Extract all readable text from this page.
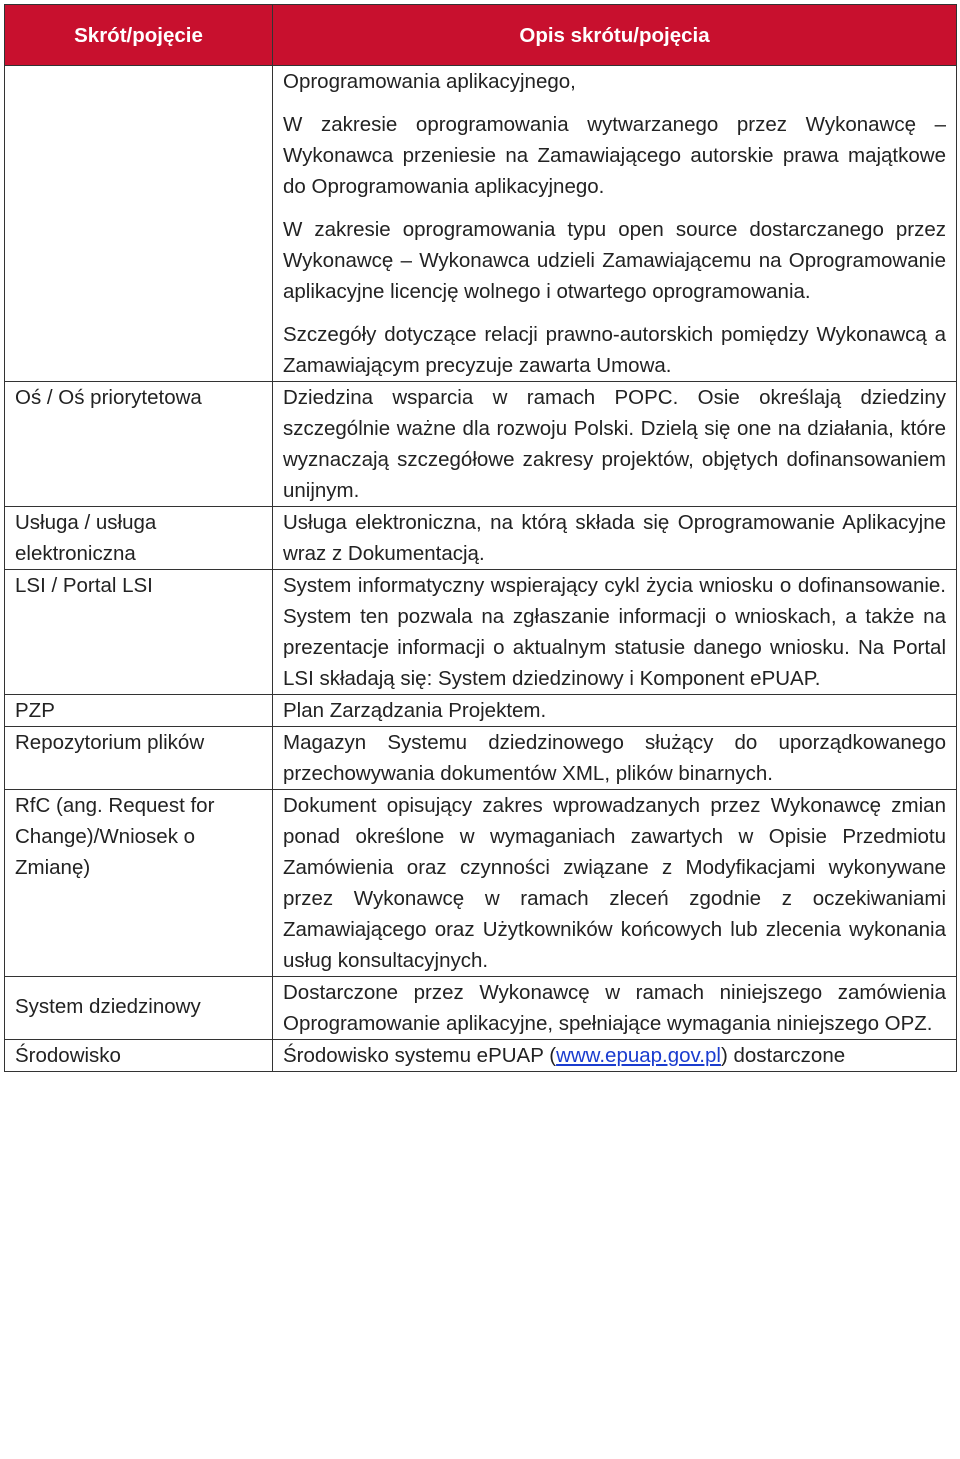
Skrót/pojęcie	Opis skrótu/pojęcia

	Oprogramowania aplikacyjnego,

W zakresie oprogramowania wytwarzanego przez Wykonawcę – Wykonawca przeniesie na Zamawiającego autorskie prawa majątkowe do Oprogramowania aplikacyjnego.

W zakresie oprogramowania typu open source dostarczanego przez Wykonawcę – Wykonawca udzieli Zamawiającemu na Oprogramowanie aplikacyjne licencję wolnego i otwartego oprogramowania.

Szczegóły dotyczące relacji prawno-autorskich pomiędzy Wykonawcą a Zamawiającym precyzuje zawarta Umowa.

Oś / Oś priorytetowa	Dziedzina wsparcia w ramach POPC. Osie określają dziedziny szczególnie ważne dla rozwoju Polski. Dzielą się one na działania, które wyznaczają szczegółowe zakresy projektów, objętych dofinansowaniem unijnym.

Usługa / usługa elektroniczna	Usługa elektroniczna, na którą składa się Oprogramowanie Aplikacyjne wraz z Dokumentacją.

LSI / Portal LSI	System informatyczny wspierający cykl życia wniosku o dofinansowanie. System ten pozwala na zgłaszanie informacji o wnioskach, a także na prezentacje informacji o aktualnym statusie danego wniosku. Na Portal LSI składają się: System dziedzinowy i Komponent ePUAP.

PZP	Plan Zarządzania Projektem.

Repozytorium plików	Magazyn Systemu dziedzinowego służący do uporządkowanego przechowywania dokumentów XML, plików binarnych.

RfC (ang. Request for Change)/Wniosek o Zmianę)	Dokument opisujący zakres wprowadzanych przez Wykonawcę zmian ponad określone w wymaganiach zawartych w Opisie Przedmiotu Zamówienia oraz czynności związane z Modyfikacjami wykonywane przez Wykonawcę w ramach zleceń zgodnie z oczekiwaniami Zamawiającego oraz Użytkowników końcowych lub zlecenia wykonania usług konsultacyjnych.

System dziedzinowy	Dostarczone przez Wykonawcę w ramach niniejszego zamówienia Oprogramowanie aplikacyjne, spełniające wymagania niniejszego OPZ.

Środowisko	Środowisko systemu ePUAP (www.epuap.gov.pl) dostarczone
